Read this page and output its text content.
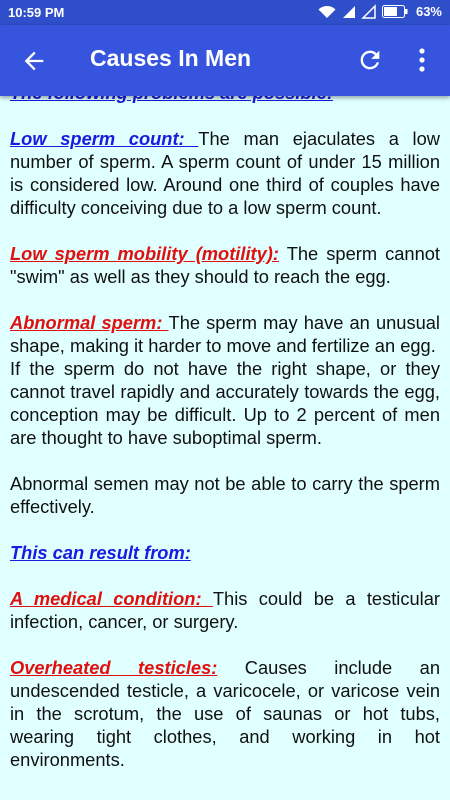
10:59 PM	63%
Causes In Men

Low sperm count: The man ejaculates a low number of sperm. A sperm count of under 15 million is considered low. Around one third of couples have difficulty conceiving due to a low sperm count.

Low sperm mobility (motility): The sperm cannot "swim" as well as they should to reach the egg.

Abnormal sperm: The sperm may have an unusual shape, making it harder to move and fertilize an egg.
If the sperm do not have the right shape, or they cannot travel rapidly and accurately towards the egg, conception may be difficult. Up to 2 percent of men are thought to have suboptimal sperm.

Abnormal semen may not be able to carry the sperm effectively.

This can result from:

A medical condition: This could be a testicular infection, cancer, or surgery.

Overheated testicles: Causes include an undescended testicle, a varicocele, or varicose vein in the scrotum, the use of saunas or hot tubs, wearing tight clothes, and working in hot environments.
